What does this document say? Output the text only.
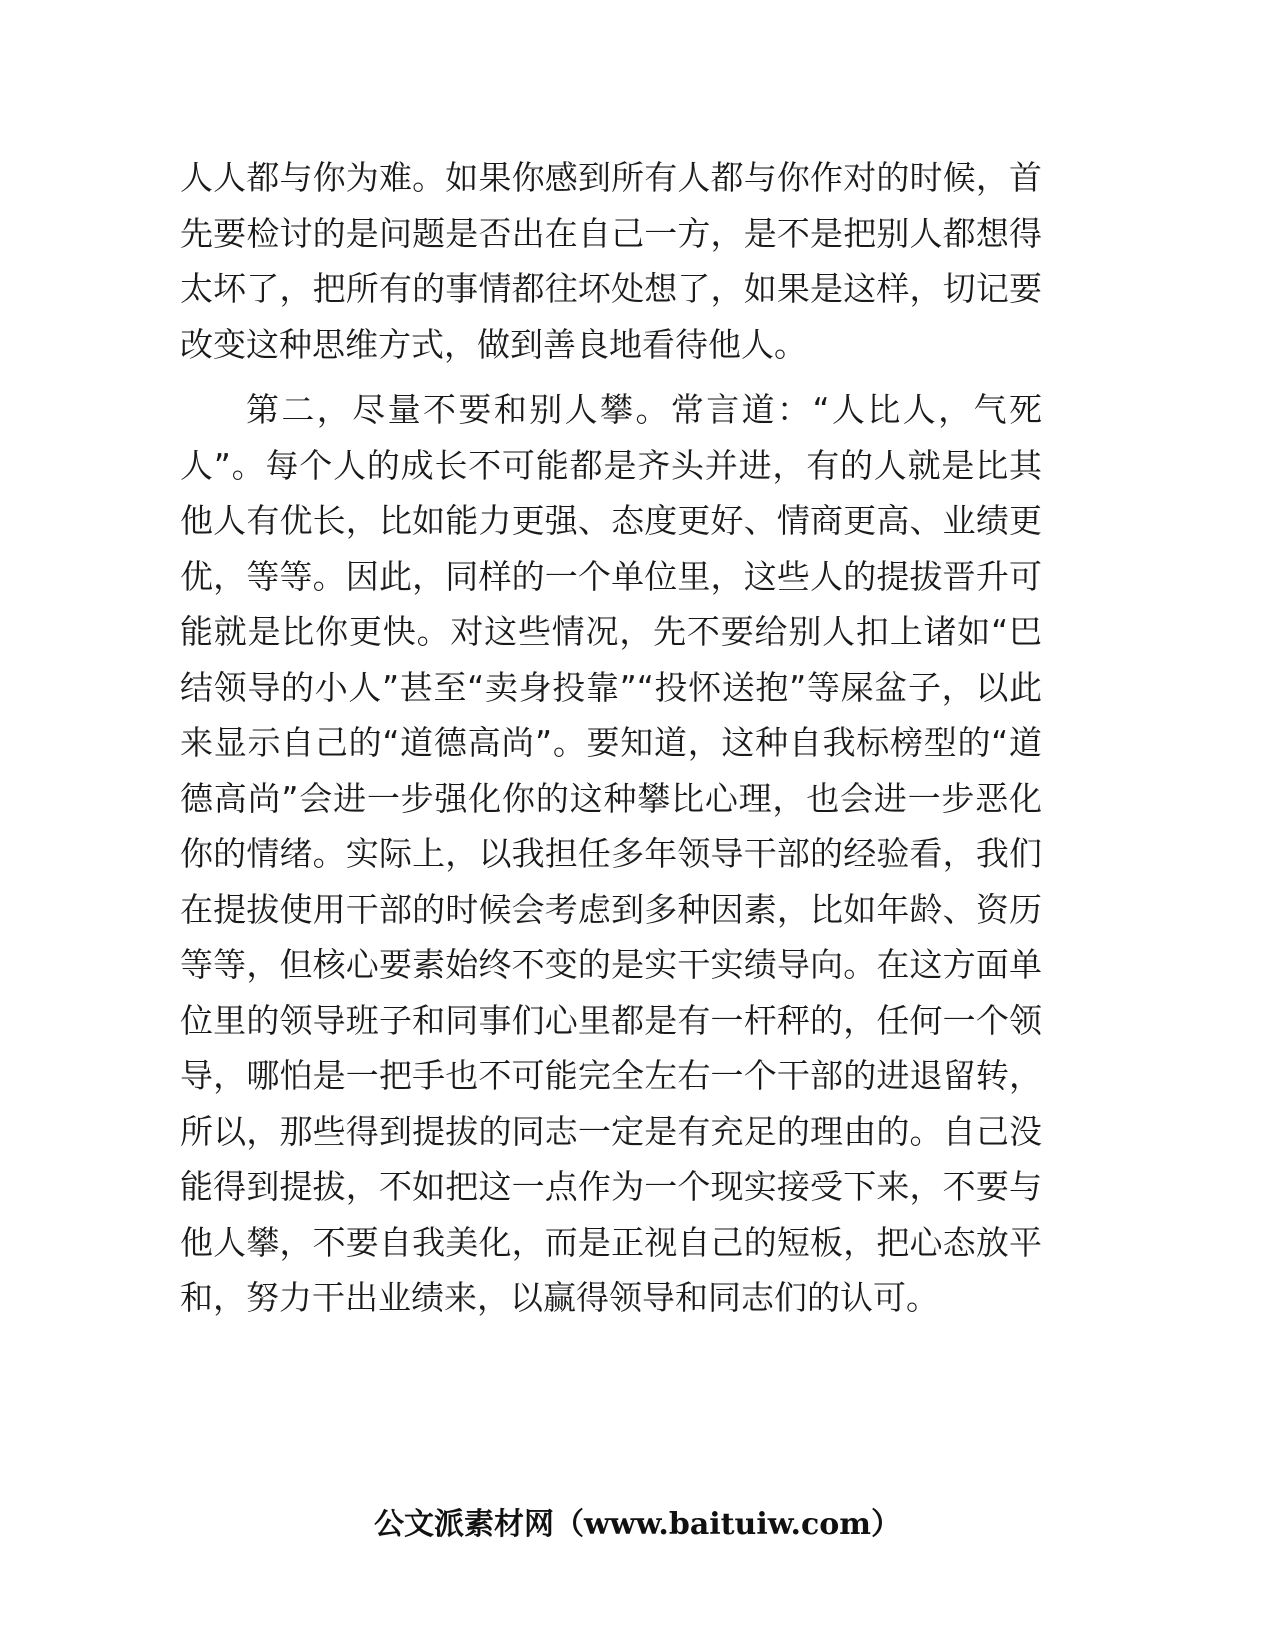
人人都与你为难。如果你感到所有人都与你作对的时候，首先要检讨的是问题是否出在自己一方，是不是把别人都想得太坏了，把所有的事情都往坏处想了，如果是这样，切记要改变这种思维方式，做到善良地看待他人。

第二，尽量不要和别人攀。常言道：“人比人，气死人”。每个人的成长不可能都是齐头并进，有的人就是比其他人有优长，比如能力更强、态度更好、情商更高、业绩更优，等等。因此，同样的一个单位里，这些人的提拔晋升可能就是比你更快。对这些情况，先不要给别人扣上诸如“巴结领导的小人”甚至“卖身投靠”“投怀送抱”等屎盆子，以此来显示自己的“道德高尚”。要知道，这种自我标榜型的“道德高尚”会进一步强化你的这种攀比心理，也会进一步恶化你的情绪。实际上，以我担任多年领导干部的经验看，我们在提拔使用干部的时候会考虑到多种因素，比如年龄、资历等等，但核心要素始终不变的是实干实绩导向。在这方面单位里的领导班子和同事们心里都是有一杆秤的，任何一个领导，哪怕是一把手也不可能完全左右一个干部的进退留转，所以，那些得到提拔的同志一定是有充足的理由的。自己没能得到提拔，不如把这一点作为一个现实接受下来，不要与他人攀，不要自我美化，而是正视自己的短板，把心态放平和，努力干出业绩来，以赢得领导和同志们的认可。

公文派素材网（www.baituiw.com）
